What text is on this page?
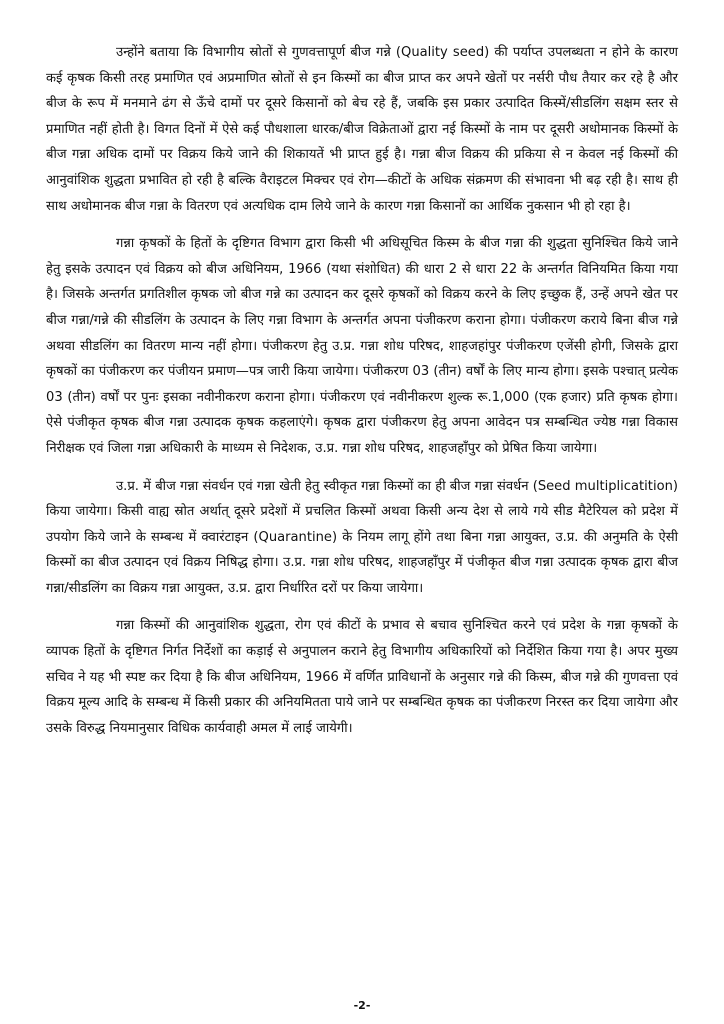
उन्होंने बताया कि विभागीय स्रोतों से गुणवत्तापूर्ण बीज गन्ने (Quality seed) की पर्याप्त उपलब्धता न होने के कारण कई कृषक किसी तरह प्रमाणित एवं अप्रमाणित स्रोतों से इन किस्मों का बीज प्राप्त कर अपने खेतों पर नर्सरी पौध तैयार कर रहे है और बीज के रूप में मनमाने ढंग से ऊँचे दामों पर दूसरे किसानों को बेच रहे हैं, जबकि इस प्रकार उत्पादित किस्में/सीडलिंग सक्षम स्तर से प्रमाणित नहीं होती है। विगत दिनों में ऐसे कई पौधशाला धारक/बीज विक्रेताओं द्वारा नई किस्मों के नाम पर दूसरी अधोमानक किस्मों के बीज गन्ना अधिक दामों पर विक्रय किये जाने की शिकायतें भी प्राप्त हुई है। गन्ना बीज विक्रय की प्रकिया से न केवल नई किस्मों की आनुवांशिक शुद्धता प्रभावित हो रही है बल्कि वैराइटल मिक्चर एवं रोग—कीटों के अधिक संक्रमण की संभावना भी बढ़ रही है। साथ ही साथ अधोमानक बीज गन्ना के वितरण एवं अत्यधिक दाम लिये जाने के कारण गन्ना किसानों का आर्थिक नुकसान भी हो रहा है।

गन्ना कृषकों के हितों के दृष्टिगत विभाग द्वारा किसी भी अधिसूचित किस्म के बीज गन्ना की शुद्धता सुनिश्चित किये जाने हेतु इसके उत्पादन एवं विक्रय को बीज अधिनियम, 1966 (यथा संशोधित) की धारा 2 से धारा 22 के अन्तर्गत विनियमित किया गया है। जिसके अन्तर्गत प्रगतिशील कृषक जो बीज गन्ने का उत्पादन कर दूसरे कृषकों को विक्रय करने के लिए इच्छुक हैं, उन्हें अपने खेत पर बीज गन्ना/गन्ने की सीडलिंग के उत्पादन के लिए गन्ना विभाग के अन्तर्गत अपना पंजीकरण कराना होगा। पंजीकरण कराये बिना बीज गन्ने अथवा सीडलिंग का वितरण मान्य नहीं होगा। पंजीकरण हेतु उ.प्र. गन्ना शोध परिषद, शाहजहांपुर पंजीकरण एजेंसी होगी, जिसके द्वारा कृषकों का पंजीकरण कर पंजीयन प्रमाण—पत्र जारी किया जायेगा। पंजीकरण 03 (तीन) वर्षों के लिए मान्य होगा। इसके पश्चात् प्रत्येक 03 (तीन) वर्षों पर पुनः इसका नवीनीकरण कराना होगा। पंजीकरण एवं नवीनीकरण शुल्क रू.1,000 (एक हजार) प्रति कृषक होगा। ऐसे पंजीकृत कृषक बीज गन्ना उत्पादक कृषक कहलाएंगे। कृषक द्वारा पंजीकरण हेतु अपना आवेदन पत्र सम्बन्धित ज्येष्ठ गन्ना विकास निरीक्षक एवं जिला गन्ना अधिकारी के माध्यम से निदेशक, उ.प्र. गन्ना शोध परिषद, शाहजहाँपुर को प्रेषित किया जायेगा।

उ.प्र. में बीज गन्ना संवर्धन एवं गन्ना खेती हेतु स्वीकृत गन्ना किस्मों का ही बीज गन्ना संवर्धन (Seed multiplicatition) किया जायेगा। किसी वाह्य स्रोत अर्थात् दूसरे प्रदेशों में प्रचलित किस्मों अथवा किसी अन्य देश से लाये गये सीड मैटेरियल को प्रदेश में उपयोग किये जाने के सम्बन्ध में क्वारंटाइन (Quarantine) के नियम लागू होंगे तथा बिना गन्ना आयुक्त, उ.प्र. की अनुमति के ऐसी किस्मों का बीज उत्पादन एवं विक्रय निषिद्ध होगा। उ.प्र. गन्ना शोध परिषद, शाहजहाँपुर में पंजीकृत बीज गन्ना उत्पादक कृषक द्वारा बीज गन्ना/सीडलिंग का विक्रय गन्ना आयुक्त, उ.प्र. द्वारा निर्धारित दरों पर किया जायेगा।

गन्ना किस्मों की आनुवांशिक शुद्धता, रोग एवं कीटों के प्रभाव से बचाव सुनिश्चित करने एवं प्रदेश के गन्ना कृषकों के व्यापक हितों के दृष्टिगत निर्गत निर्देशों का कड़ाई से अनुपालन कराने हेतु विभागीय अधिकारियों को निर्देशित किया गया है। अपर मुख्य सचिव ने यह भी स्पष्ट कर दिया है कि बीज अधिनियम, 1966 में वर्णित प्राविधानों के अनुसार गन्ने की किस्म, बीज गन्ने की गुणवत्ता एवं विक्रय मूल्य आदि के सम्बन्ध में किसी प्रकार की अनियमितता पाये जाने पर सम्बन्धित कृषक का पंजीकरण निरस्त कर दिया जायेगा और उसके विरुद्ध नियमानुसार विधिक कार्यवाही अमल में लाई जायेगी।

-2-
